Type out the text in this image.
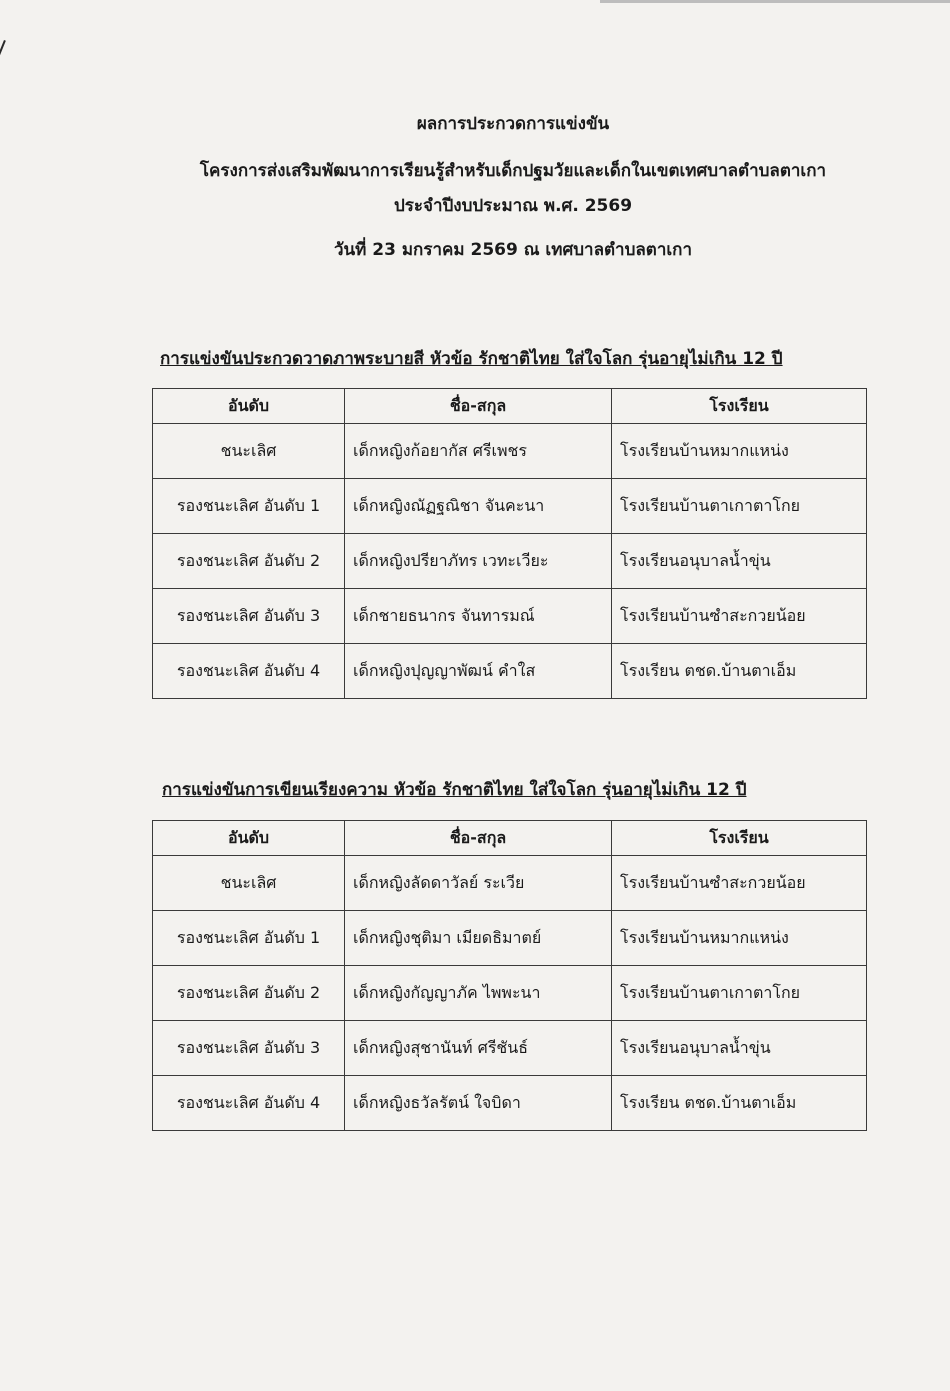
ผลการประกวดการแข่งขัน
โครงการส่งเสริมพัฒนาการเรียนรู้สำหรับเด็กปฐมวัยและเด็กในเขตเทศบาลตำบลตาเกา
ประจำปีงบประมาณ พ.ศ. 2569
วันที่ 23 มกราคม 2569 ณ เทศบาลตำบลตาเกา
การแข่งขันประกวดวาดภาพระบายสี หัวข้อ รักชาติไทย ใส่ใจโลก รุ่นอายุไม่เกิน 12 ปี
อันดับ	ชื่อ-สกุล	โรงเรียน
ชนะเลิศ	เด็กหญิงก้อยากัส ศรีเพชร	โรงเรียนบ้านหมากแหน่ง
รองชนะเลิศ อันดับ 1	เด็กหญิงณัฏฐณิชา จันคะนา	โรงเรียนบ้านตาเกาตาโกย
รองชนะเลิศ อันดับ 2	เด็กหญิงปรียาภัทร เวทะเวียะ	โรงเรียนอนุบาลน้ำขุ่น
รองชนะเลิศ อันดับ 3	เด็กชายธนากร จันทารมณ์	โรงเรียนบ้านซำสะกวยน้อย
รองชนะเลิศ อันดับ 4	เด็กหญิงปุญญาพัฒน์ คำใส	โรงเรียน ตชด.บ้านตาเอ็ม
การแข่งขันการเขียนเรียงความ หัวข้อ รักชาติไทย ใส่ใจโลก รุ่นอายุไม่เกิน 12 ปี
อันดับ	ชื่อ-สกุล	โรงเรียน
ชนะเลิศ	เด็กหญิงลัดดาวัลย์ ระเวีย	โรงเรียนบ้านซำสะกวยน้อย
รองชนะเลิศ อันดับ 1	เด็กหญิงชุติมา เมียดธิมาตย์	โรงเรียนบ้านหมากแหน่ง
รองชนะเลิศ อันดับ 2	เด็กหญิงกัญญาภัค ไพพะนา	โรงเรียนบ้านตาเกาตาโกย
รองชนะเลิศ อันดับ 3	เด็กหญิงสุชานันท์ ศรีชันธ์	โรงเรียนอนุบาลน้ำขุ่น
รองชนะเลิศ อันดับ 4	เด็กหญิงธวัลรัตน์ ใจบิดา	โรงเรียน ตชด.บ้านตาเอ็ม
